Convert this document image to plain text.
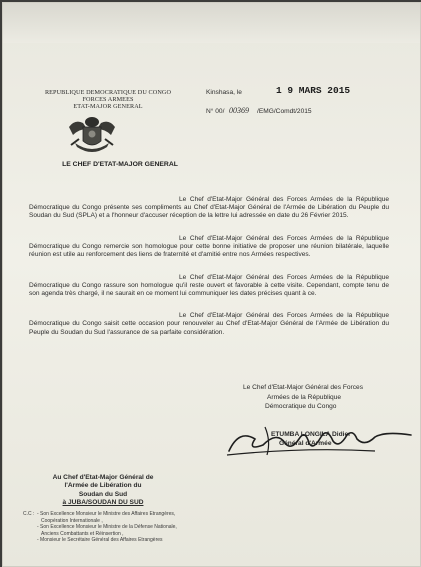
REPUBLIQUE DEMOCRATIQUE DU CONGO
FORCES ARMEES
ETAT-MAJOR GENERAL
LE CHEF D'ETAT-MAJOR GENERAL
Kinshasa, le	1 9 MARS 2015
N° 00/ 00369 /EMG/Comdt/2015

Le Chef d'Etat-Major Général des Forces Armées de la République Démocratique du Congo présente ses compliments au Chef d'Etat-Major Général de l'Armée de Libération du Peuple du Soudan du Sud (SPLA) et a l'honneur d'accuser réception de la lettre lui adressée en date du 26 Février 2015.

Le Chef d'Etat-Major Général des Forces Armées de la République Démocratique du Congo remercie son homologue pour cette bonne initiative de proposer une réunion bilatérale, laquelle réunion est utile au renforcement des liens de fraternité et d'amitié entre nos Armées respectives.

Le Chef d'Etat-Major Général des Forces Armées de la République Démocratique du Congo rassure son homologue qu'il reste ouvert et favorable à cette visite. Cependant, compte tenu de son agenda très chargé, il ne saurait en ce moment lui communiquer les dates précises quant à ce.

Le Chef d'Etat-Major Général des Forces Armées de la République Démocratique du Congo saisit cette occasion pour renouveler au Chef d'Etat-Major Général de l'Armée de Libération du Peuple du Soudan du Sud l'assurance de sa parfaite considération.

Le Chef d'Etat-Major Général des Forces
Armées de la République
Démocratique du Congo
ETUMBA LONGILA Didier
Général d'Armée
Au Chef d'Etat-Major Général de
l'Armée de Libération du
Soudan du Sud
à JUBA/SOUDAN DU SUD
C.C : - Son Excellence Monsieur le Ministre des Affaires Etrangères,
Coopération Internationale ,
- Son Excellence Monsieur le Ministre de la Défense Nationale,
Anciens Combattants et Réinsertion ,
- Monsieur le Secrétaire Général des Affaires Etrangères
